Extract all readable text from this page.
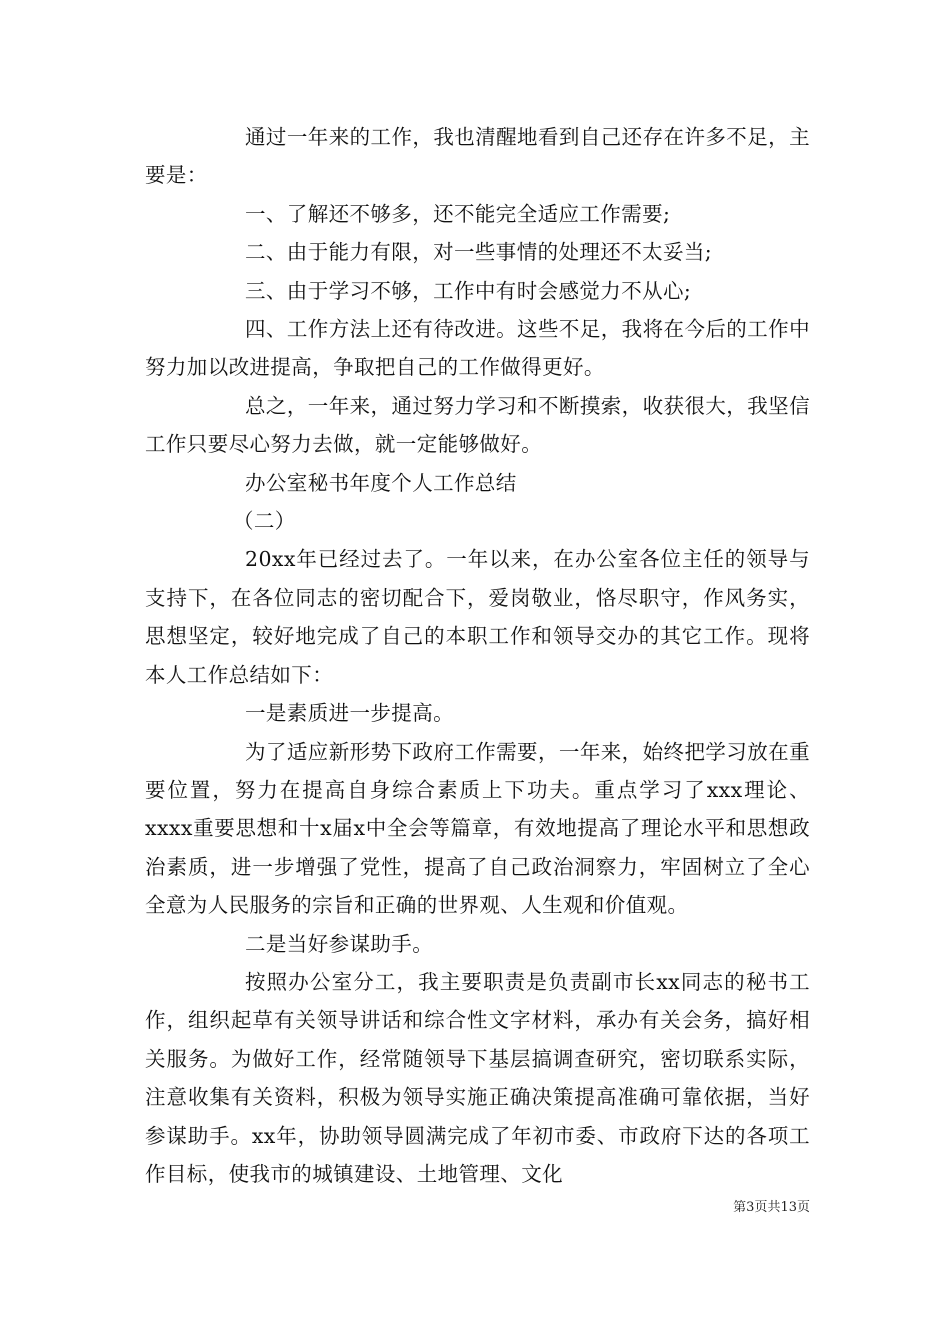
通过一年来的工作，我也清醒地看到自己还存在许多不足，主要是：

一、了解还不够多，还不能完全适应工作需要;

二、由于能力有限，对一些事情的处理还不太妥当;

三、由于学习不够，工作中有时会感觉力不从心;

四、工作方法上还有待改进。这些不足，我将在今后的工作中努力加以改进提高，争取把自己的工作做得更好。

总之，一年来，通过努力学习和不断摸索，收获很大，我坚信工作只要尽心努力去做，就一定能够做好。

办公室秘书年度个人工作总结

（二）

20xx年已经过去了。一年以来，在办公室各位主任的领导与支持下，在各位同志的密切配合下，爱岗敬业，恪尽职守，作风务实，思想坚定，较好地完成了自己的本职工作和领导交办的其它工作。现将本人工作总结如下：

一是素质进一步提高。

为了适应新形势下政府工作需要，一年来，始终把学习放在重要位置，努力在提高自身综合素质上下功夫。重点学习了xxx理论、xxxx重要思想和十x届x中全会等篇章，有效地提高了理论水平和思想政治素质，进一步增强了党性，提高了自己政治洞察力，牢固树立了全心全意为人民服务的宗旨和正确的世界观、人生观和价值观。

二是当好参谋助手。

按照办公室分工，我主要职责是负责副市长xx同志的秘书工作，组织起草有关领导讲话和综合性文字材料，承办有关会务，搞好相关服务。为做好工作，经常随领导下基层搞调查研究，密切联系实际，注意收集有关资料，积极为领导实施正确决策提高准确可靠依据，当好参谋助手。xx年，协助领导圆满完成了年初市委、市政府下达的各项工作目标，使我市的城镇建设、土地管理、文化

第3页共13页
